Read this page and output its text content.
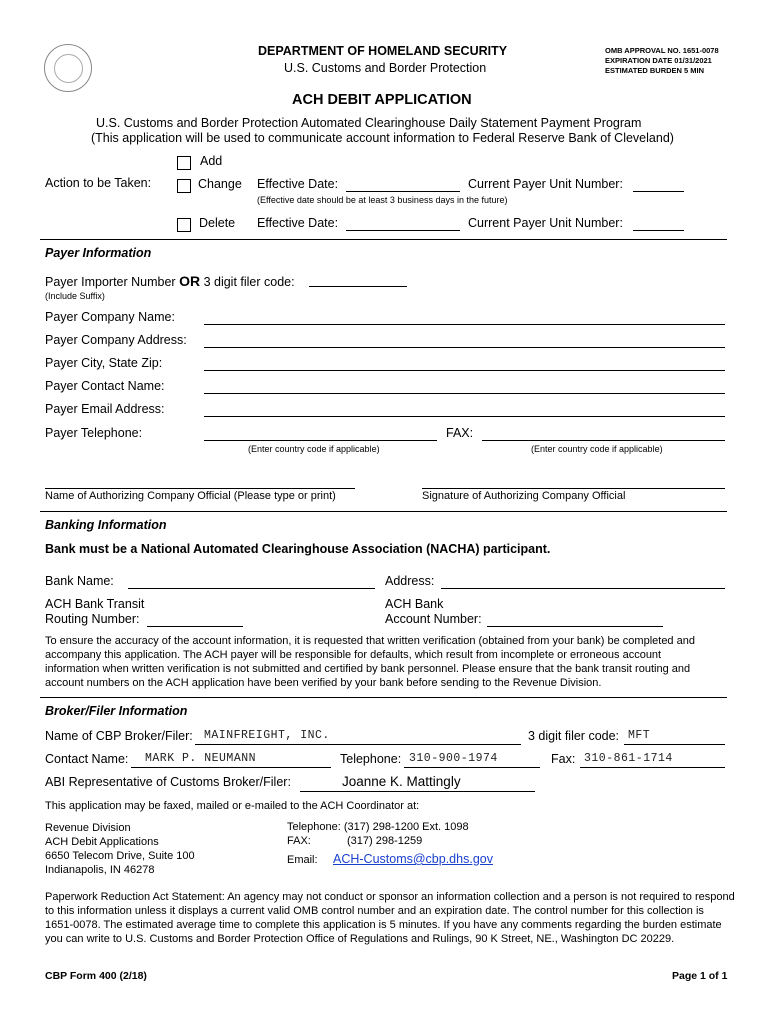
DEPARTMENT OF HOMELAND SECURITY
U.S. Customs and Border Protection
OMB APPROVAL NO. 1651-0078
EXPIRATION DATE 01/31/2021
ESTIMATED BURDEN 5 MIN
ACH DEBIT APPLICATION
U.S. Customs and Border Protection Automated Clearinghouse Daily Statement Payment Program
(This application will be used to communicate account information to Federal Reserve Bank of Cleveland)
Add
Action to be Taken:	Change Effective Date:	Current Payer Unit Number:
(Effective date should be at least 3 business days in the future)
Delete Effective Date:	Current Payer Unit Number:
Payer Information
Payer Importer Number OR 3 digit filer code:
(Include Suffix)
Payer Company Name:
Payer Company Address:
Payer City, State Zip:
Payer Contact Name:
Payer Email Address:
Payer Telephone:	FAX:
(Enter country code if applicable)	(Enter country code if applicable)
Name of Authorizing Company Official (Please type or print)	Signature of Authorizing Company Official
Banking Information
Bank must be a National Automated Clearinghouse Association (NACHA) participant.
Bank Name:	Address:
ACH Bank Transit
Routing Number:
ACH Bank
Account Number:
To ensure the accuracy of the account information, it is requested that written verification (obtained from your bank) be completed and
accompany this application. The ACH payer will be responsible for defaults, which result from incomplete or erroneous account
information when written verification is not submitted and certified by bank personnel. Please ensure that the bank transit routing and
account numbers on the ACH application have been verified by your bank before sending to the Revenue Division.
Broker/Filer Information
Name of CBP Broker/Filer: MAINFREIGHT, INC.	3 digit filer code: MFT
Contact Name: MARK P. NEUMANN	Telephone: 310-900-1974	Fax: 310-861-1714
ABI Representative of Customs Broker/Filer:	Joanne K. Mattingly
This application may be faxed, mailed or e-mailed to the ACH Coordinator at:
Revenue Division
ACH Debit Applications
6650 Telecom Drive, Suite 100
Indianapolis, IN 46278
Telephone: (317) 298-1200 Ext. 1098
FAX:	(317) 298-1259
Email: ACH-Customs@cbp.dhs.gov
Paperwork Reduction Act Statement: An agency may not conduct or sponsor an information collection and a person is not required to respond
to this information unless it displays a current valid OMB control number and an expiration date. The control number for this collection is
1651-0078. The estimated average time to complete this application is 5 minutes. If you have any comments regarding the burden estimate
you can write to U.S. Customs and Border Protection Office of Regulations and Rulings, 90 K Street, NE., Washington DC 20229.
CBP Form 400 (2/18)	Page 1 of 1
